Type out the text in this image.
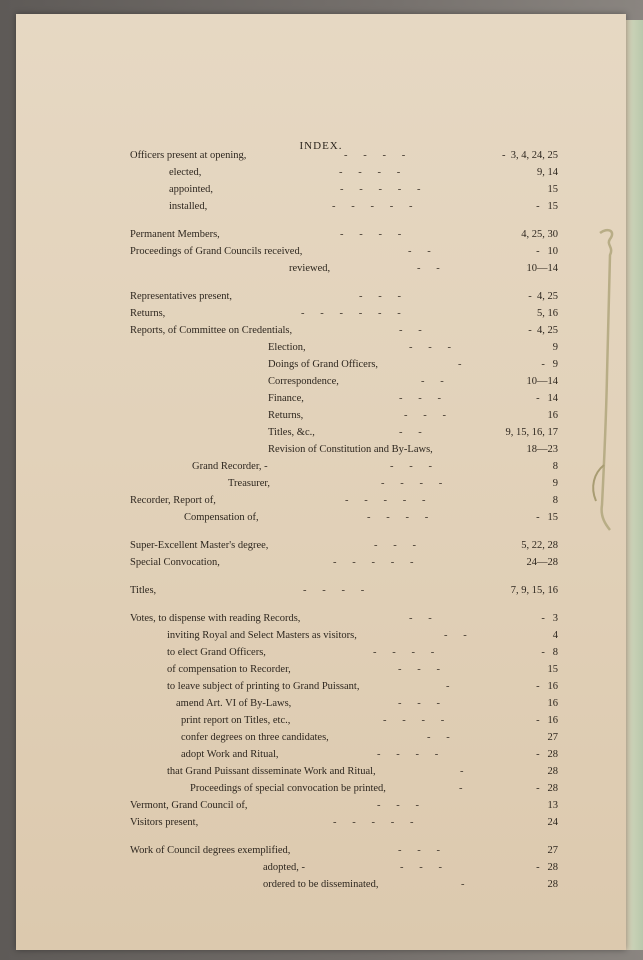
INDEX.
Officers present at opening,	-      -      -      -	-  3, 4, 24, 25
elected,	-      -      -      -	9, 14
appointed,	-      -      -      -      -	15
installed,	-      -      -      -      -	-   15
Permanent Members,	-      -      -      -	4, 25, 30
Proceedings of Grand Councils received,	-      -	-   10
reviewed,	-      -	10—14
Representatives present,	-      -      -	-  4, 25
Returns,	-      -      -      -      -      -	5, 16
Reports, of Committee on Credentials,	-      -	-  4, 25
Election,	-      -      -	9
Doings of Grand Officers,	-	-   9
Correspondence,	-      -	10—14
Finance,	-      -      -	-   14
Returns,	-      -      -	16
Titles, &c.,	-      -	9, 15, 16, 17
Revision of Constitution and By-Laws,	18—23
Grand Recorder, -	-      -      -	8
Treasurer,	-      -      -      -	9
Recorder, Report of,	-      -      -      -      -	8
Compensation of,	-      -      -      -	-   15
Super-Excellent Master's degree,	-      -      -	5, 22, 28
Special Convocation,	-      -      -      -      -	24—28
Titles,	-      -      -      -	7, 9, 15, 16
Votes, to dispense with reading Records,	-      -	-   3
inviting Royal and Select Masters as visitors,	-      -	4
to elect Grand Officers,	-      -      -      -	-   8
of compensation to Recorder,	-      -      -	15
to leave subject of printing to Grand Puissant,	-	-   16
amend Art. VI of By-Laws,	-      -      -	16
print report on Titles, etc.,	-      -      -      -	-   16
confer degrees on three candidates,	-      -	27
adopt Work and Ritual,	-      -      -      -	-   28
that Grand Puissant disseminate Work and Ritual,	-	28
Proceedings of special convocation be printed,	-	-   28
Vermont, Grand Council of,	-      -      -	13
Visitors present,	-      -      -      -      -	24
Work of Council degrees exemplified,	-      -      -	27
adopted, -	-      -      -	-   28
ordered to be disseminated,	-	28
